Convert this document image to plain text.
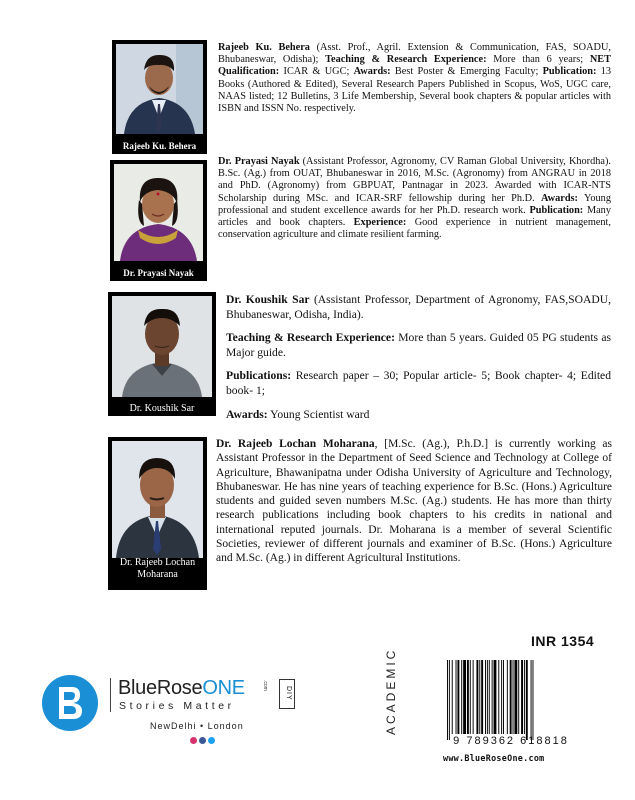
Rajeeb Ku. Behera
Rajeeb Ku. Behera (Asst. Prof., Agril. Extension & Communication, FAS, SOADU, Bhubaneswar, Odisha); Teaching & Research Experience: More than 6 years; NET Qualification: ICAR & UGC; Awards: Best Poster & Emerging Faculty; Publication: 13 Books (Authored & Edited), Several Research Papers Published in Scopus, WoS, UGC care, NAAS listed; 12 Bulletins, 3 Life Membership, Several book chapters & popular articles with ISBN and ISSN No. respectively.
Dr. Prayasi Nayak
Dr. Prayasi Nayak (Assistant Professor, Agronomy, CV Raman Global University, Khordha). B.Sc. (Ag.) from OUAT, Bhubaneswar in 2016, M.Sc. (Agronomy) from ANGRAU in 2018 and PhD. (Agronomy) from GBPUAT, Pantnagar in 2023. Awarded with ICAR-NTS Scholarship during MSc. and ICAR-SRF fellowship during her Ph.D. Awards: Young professional and student excellence awards for her Ph.D. research work. Publication: Many articles and book chapters. Experience: Good experience in nutrient management, conservation agriculture and climate resilient farming.
Dr. Koushik Sar

Dr. Koushik Sar (Assistant Professor, Department of Agronomy, FAS,SOADU, Bhubaneswar, Odisha, India).

Teaching & Research Experience: More than 5 years. Guided 05 PG students as Major guide.

Publications: Research paper – 30; Popular article- 5; Book chapter- 4; Edited book- 1;

Awards: Young Scientist ward

Dr. Rajeeb Lochan Moharana
Dr. Rajeeb Lochan Moharana, [M.Sc. (Ag.), P.h.D.] is currently working as Assistant Professor in the Department of Seed Science and Technology at College of Agriculture, Bhawanipatna under Odisha University of Agriculture and Technology, Bhubaneswar. He has nine years of teaching experience for B.Sc. (Hons.) Agriculture students and guided seven numbers M.Sc. (Ag.) students. He has more than thirty research publications including book chapters to his credits in national and international reputed journals. Dr. Moharana is a member of several Scientific Societies, reviewer of different journals and examiner of B.Sc. (Hons.) Agriculture and M.Sc. (Ag.) in different Agricultural Institutions.
INR 1354
ACADEMIC
9 789362 618818
www.BlueRoseOne.com
BlueRoseONE	.com
DIY
Stories Matter
NewDelhi • London
